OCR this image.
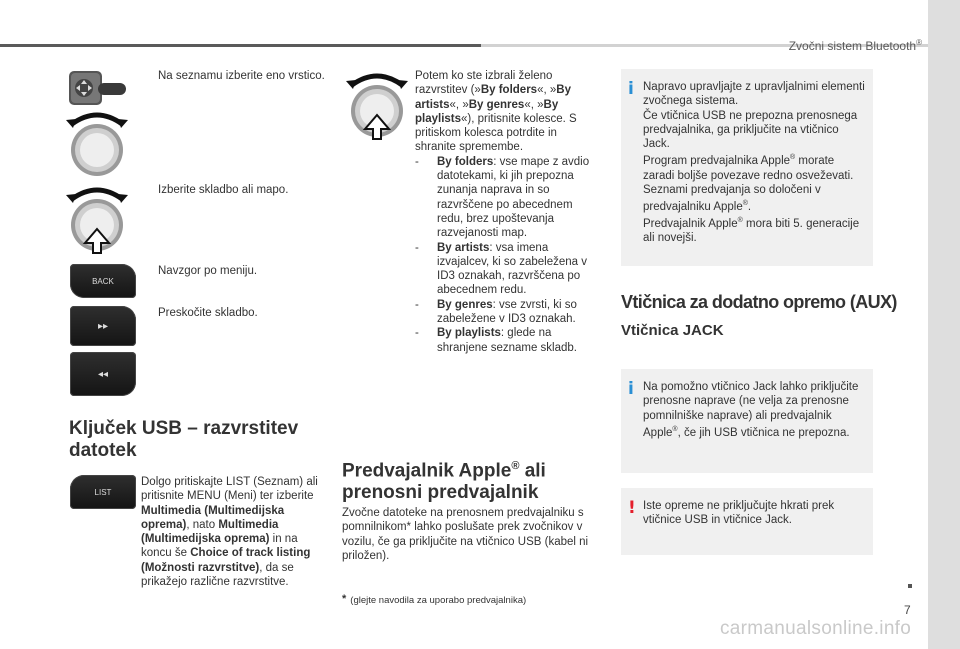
Zvočni sistem Bluetooth®
7
Na seznamu izberite eno vrstico.
Izberite skladbo ali mapo.
BACK
Navzgor po meniju.
▸▸
◂◂
Preskočite skladbo.
Ključek USB – razvrstitev datotek
LIST
Dolgo pritiskajte LIST (Seznam) ali pritisnite MENU (Meni) ter izberite Multimedia (Multimedijska oprema), nato Multimedia (Multimedijska oprema) in na koncu še Choice of track listing (Možnosti razvrstitve), da se prikažejo različne razvrstitve.
Potem ko ste izbrali želeno razvrstitev (»By folders«, »By artists«, »By genres«, »By playlists«), pritisnite kolesce. S pritiskom kolesca potrdite in shranite spremembe.
- By folders: vse mape z avdio datotekami, ki jih prepozna zunanja naprava in so razvrščene po abecednem redu, brez upoštevanja razvejanosti map.
- By artists: vsa imena izvajalcev, ki so zabeležena v ID3 oznakah, razvrščena po abecednem redu.
- By genres: vse zvrsti, ki so zabeležene v ID3 oznakah.
- By playlists: glede na shranjene sezname skladb.
Predvajalnik Apple® ali prenosni predvajalnik
Zvočne datoteke na prenosnem predvajalniku s pomnilnikom* lahko poslušate prek zvočnikov v vozilu, če ga priključite na vtičnico USB (kabel ni priložen).
* (glejte navodila za uporabo predvajalnika)
i Napravo upravljajte z upravljalnimi elementi zvočnega sistema.
Če vtičnica USB ne prepozna prenosnega predvajalnika, ga priključite na vtičnico Jack.
Program predvajalnika Apple® morate zaradi boljše povezave redno osveževati.
Seznami predvajanja so določeni v predvajalniku Apple®.
Predvajalnik Apple® mora biti 5. generacije ali novejši.
Vtičnica za dodatno opremo (AUX)
Vtičnica JACK
i Na pomožno vtičnico Jack lahko priključite prenosne naprave (ne velja za prenosne pomnilniške naprave) ali predvajalnik Apple®, če jih USB vtičnica ne prepozna.
! Iste opreme ne priključujte hkrati prek vtičnice USB in vtičnice Jack.
carmanualsonline.info
